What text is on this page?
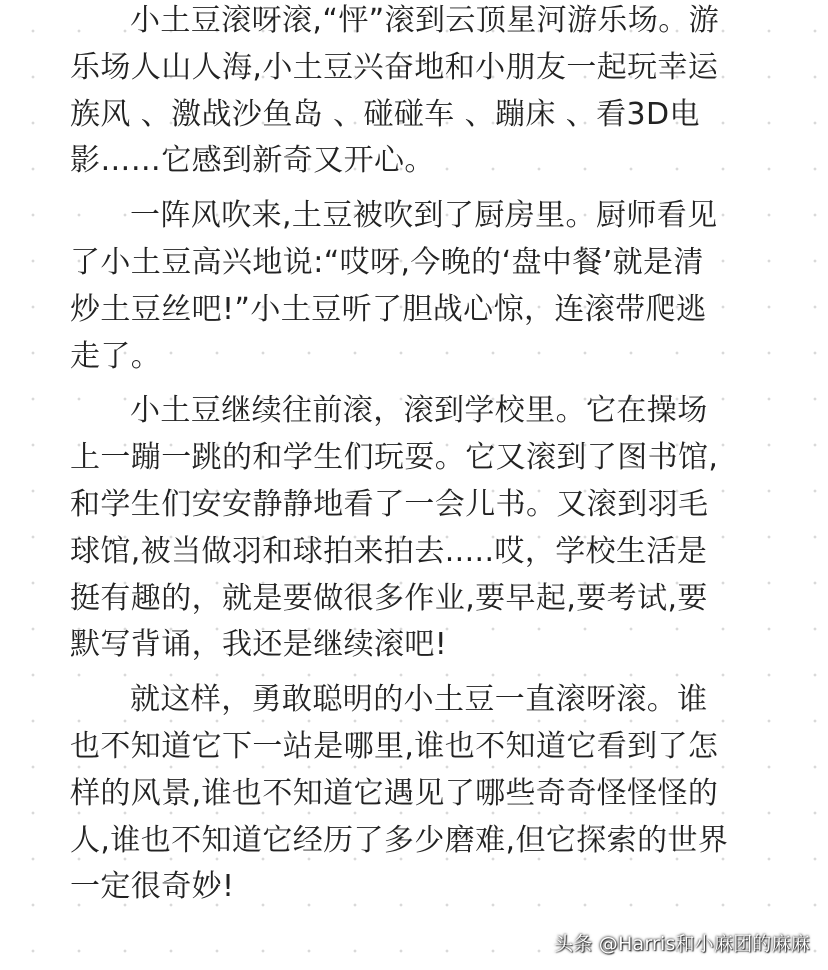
小土豆滚呀滚,“怦”滚到云顶星河游乐场。游
乐场人山人海,小土豆兴奋地和小朋友一起玩幸运
族风 、激战沙鱼岛 、碰碰车 、蹦床 、看3D电
影……它感到新奇又开心。
一阵风吹来,土豆被吹到了厨房里。厨师看见
了小土豆高兴地说:“哎呀,今晚的‘盘中餐’就是清
炒土豆丝吧!”小土豆听了胆战心惊，连滚带爬逃
走了。
小土豆继续往前滚，滚到学校里。它在操场
上一蹦一跳的和学生们玩耍。它又滚到了图书馆,
和学生们安安静静地看了一会儿书。又滚到羽毛
球馆,被当做羽和球拍来拍去.....哎，学校生活是
挺有趣的，就是要做很多作业,要早起,要考试,要
默写背诵，我还是继续滚吧!
就这样，勇敢聪明的小土豆一直滚呀滚。谁
也不知道它下一站是哪里,谁也不知道它看到了怎
样的风景,谁也不知道它遇见了哪些奇奇怪怪怪的
人,谁也不知道它经历了多少磨难,但它探索的世界
一定很奇妙!
头条 @Harris和小麻团的麻麻
